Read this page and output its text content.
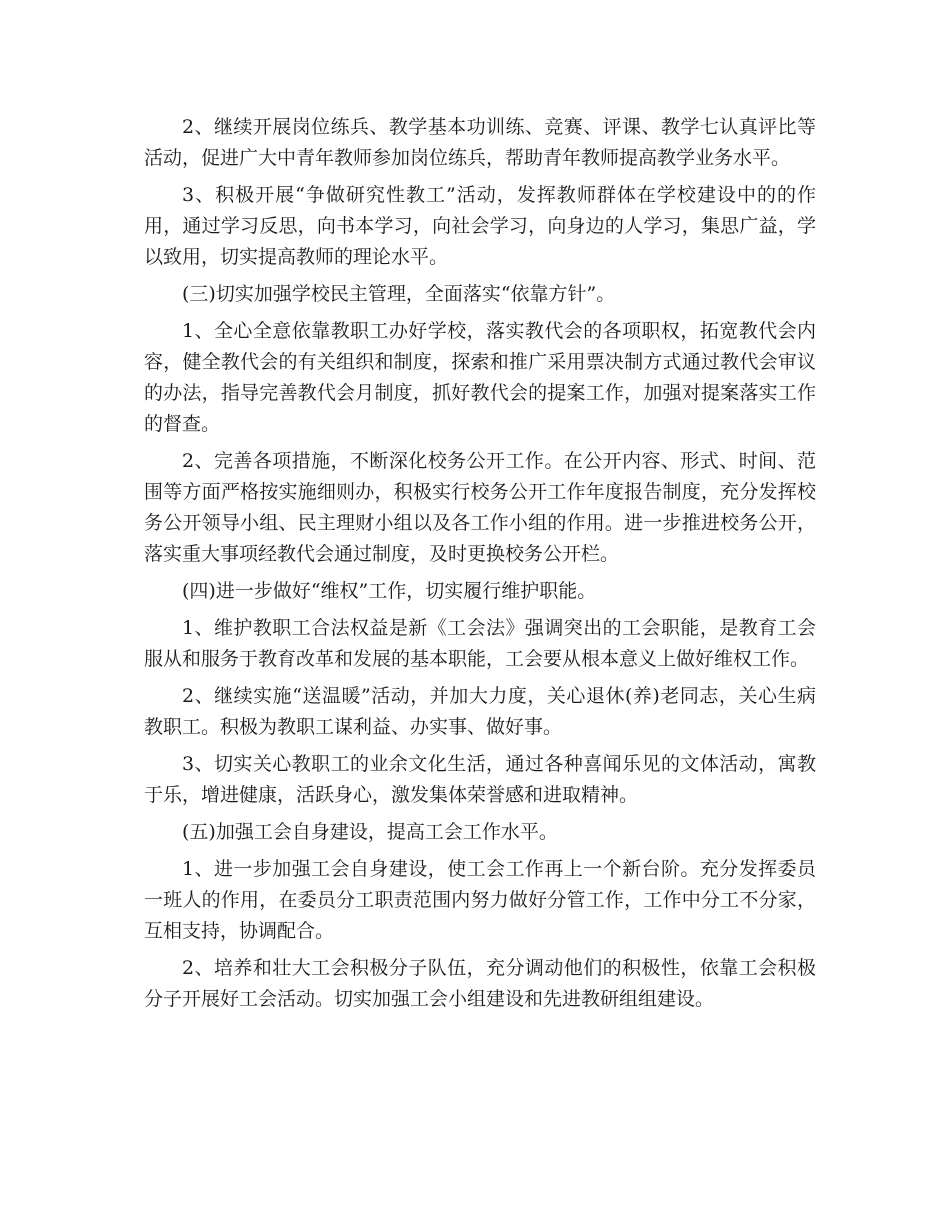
2、继续开展岗位练兵、教学基本功训练、竞赛、评课、教学七认真评比等活动，促进广大中青年教师参加岗位练兵，帮助青年教师提高教学业务水平。

3、积极开展“争做研究性教工”活动，发挥教师群体在学校建设中的的作用，通过学习反思，向书本学习，向社会学习，向身边的人学习，集思广益，学以致用，切实提高教师的理论水平。

(三)切实加强学校民主管理，全面落实“依靠方针”。

1、全心全意依靠教职工办好学校，落实教代会的各项职权，拓宽教代会内容，健全教代会的有关组织和制度，探索和推广采用票决制方式通过教代会审议的办法，指导完善教代会月制度，抓好教代会的提案工作，加强对提案落实工作的督查。

2、完善各项措施，不断深化校务公开工作。在公开内容、形式、时间、范围等方面严格按实施细则办，积极实行校务公开工作年度报告制度，充分发挥校务公开领导小组、民主理财小组以及各工作小组的作用。进一步推进校务公开，落实重大事项经教代会通过制度，及时更换校务公开栏。

(四)进一步做好“维权”工作，切实履行维护职能。

1、维护教职工合法权益是新《工会法》强调突出的工会职能，是教育工会服从和服务于教育改革和发展的基本职能，工会要从根本意义上做好维权工作。

2、继续实施“送温暖”活动，并加大力度，关心退休(养)老同志，关心生病教职工。积极为教职工谋利益、办实事、做好事。

3、切实关心教职工的业余文化生活，通过各种喜闻乐见的文体活动，寓教于乐，增进健康，活跃身心，激发集体荣誉感和进取精神。

(五)加强工会自身建设，提高工会工作水平。

1、进一步加强工会自身建设，使工会工作再上一个新台阶。充分发挥委员一班人的作用，在委员分工职责范围内努力做好分管工作，工作中分工不分家，互相支持，协调配合。

2、培养和壮大工会积极分子队伍，充分调动他们的积极性，依靠工会积极分子开展好工会活动。切实加强工会小组建设和先进教研组组建设。
